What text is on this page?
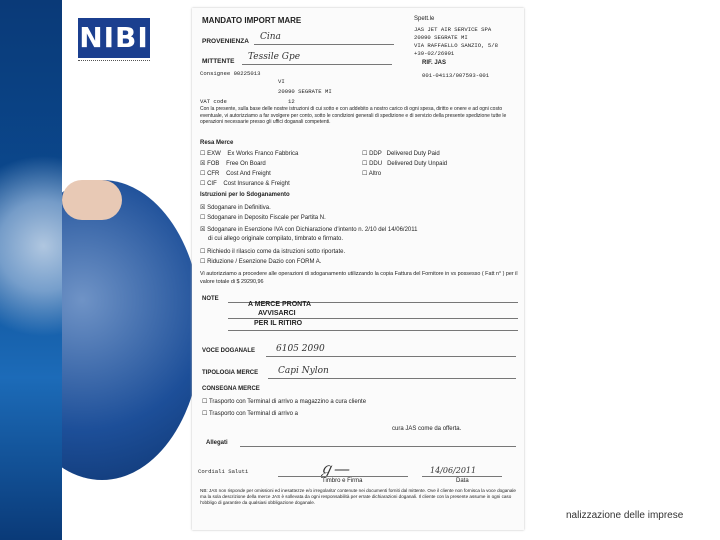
NIBI
MANDATO IMPORT MARE	Spett.le
JAS JET AIR SERVICE SPA
20090 SEGRATE MI
VIA RAFFAELLO SANZIO, 5/8
+39-02/26991
PROVENIENZA Cina
MITTENTE Tessile Gpe
RIF. JAS
001-04113/007593-001
Consignee 00225013
VI
20090 SEGRATE MI
VAT code	12
Con la presente, sulla base delle nostre istruzioni di cui sotto e con addebito a nostro carico di ogni spesa, diritto e onere e ad ogni costo eventuale, vi autorizziamo a far svolgere per conto, sotto le condizioni generali di spedizione e di servizio della presente spedizione tutte le operazioni necessarie presso gli uffici doganali competenti.
Resa Merce
☐ EXW Ex Works Franco Fabbrica
☒ FOB Free On Board
☐ CFR Cost And Freight
☐ CIF Cost Insurance & Freight
☐ DDP Delivered Duty Paid
☐ DDU Delivered Duty Unpaid
☐ Altro
Istruzioni per lo Sdoganamento
☒ Sdoganare in Definitiva.
☐ Sdoganare in Deposito Fiscale per Partita N.
☒ Sdoganare in Esenzione IVA con Dichiarazione d'intento n. 2/10 del 14/06/2011
di cui allego originale compilato, timbrato e firmato.
☐ Richiedo il rilascio come da istruzioni sotto riportate.
☐ Riduzione / Esenzione Dazio con FORM A.
Vi autorizziamo a procedere alle operazioni di sdoganamento utilizzando la copia Fattura del Fornitore in vs possesso ( Fatt n° ) per il valore totale di $ 29290,96
NOTE
A MERCE PRONTA
AVVISARCI
PER IL RITIRO
VOCE DOGANALE 6105 2090
TIPOLOGIA MERCE Capi Nylon
CONSEGNA MERCE
☐ Trasporto con Terminal di arrivo a magazzino a cura cliente
☐ Trasporto con Terminal di arrivo a
cura JAS come da offerta.
Allegati
Cordiali Saluti	ℊ—	14/06/2011
Timbro e Firma	Data
NB: JAS non risponde per omissioni ed inesattezze e/o irregolarita' contenute nei documenti forniti dal mittente. Ove il cliente non fornisca la voce doganale ma la sola descrizione della merce JAS è sollevata da ogni responsabilità per errate dichiarazioni doganali. Il cliente con la presente assume in ogni caso l'obbligo di garantire da qualsiasi obbligazione doganale.
nalizzazione delle imprese
